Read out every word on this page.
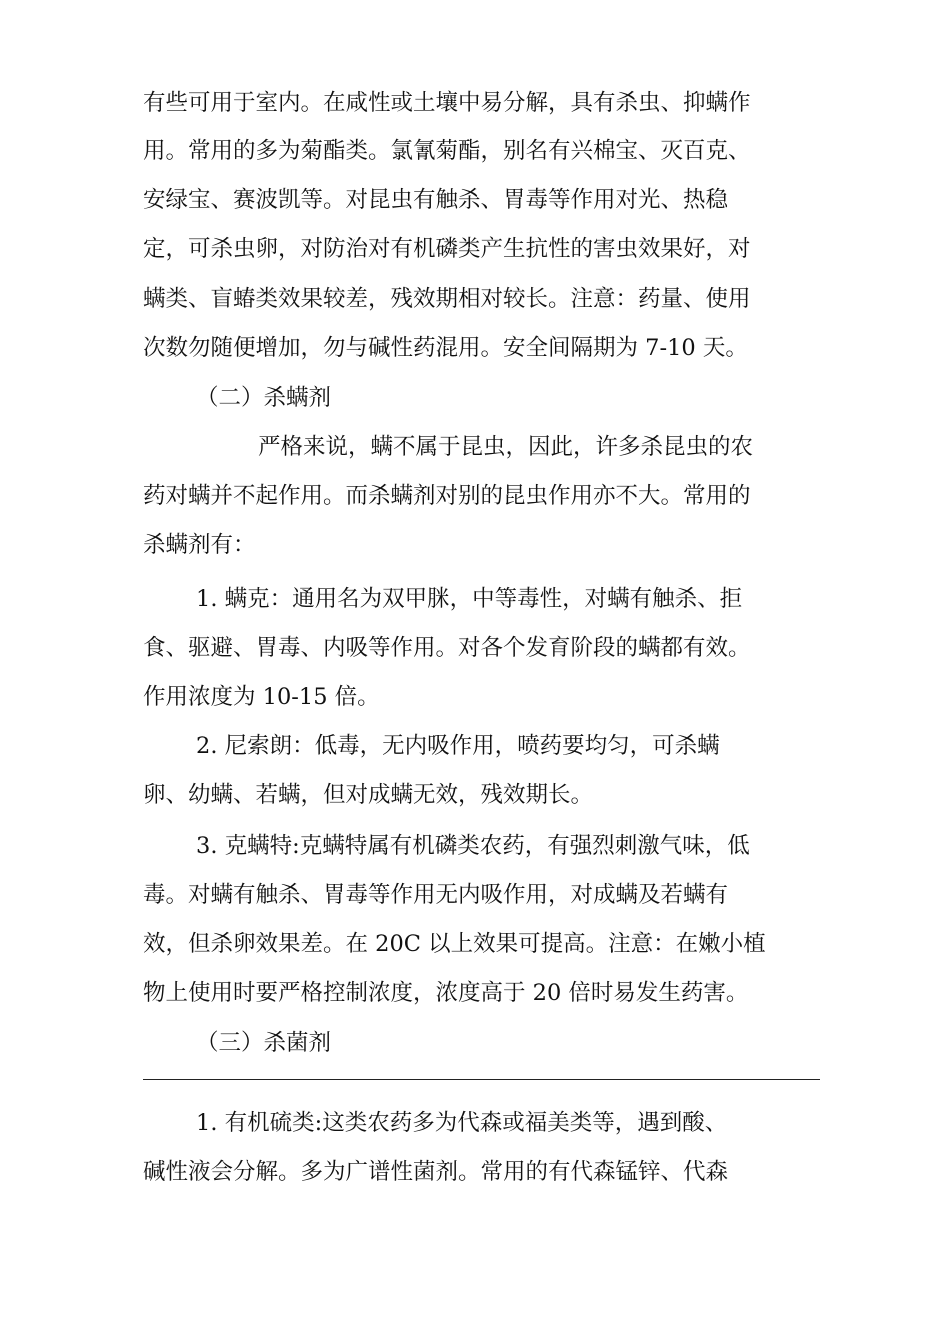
有些可用于室内。在咸性或土壤中易分解，具有杀虫、抑螨作
用。常用的多为菊酯类。氯氰菊酯，别名有兴棉宝、灭百克、
安绿宝、赛波凯等。对昆虫有触杀、胃毒等作用对光、热稳
定，可杀虫卵，对防治对有机磷类产生抗性的害虫效果好，对
螨类、盲蝽类效果较差，残效期相对较长。注意：药量、使用
次数勿随便增加，勿与碱性药混用。安全间隔期为 7-10 天。
（二）杀螨剂
严格来说，螨不属于昆虫，因此，许多杀昆虫的农
药对螨并不起作用。而杀螨剂对别的昆虫作用亦不大。常用的
杀螨剂有：
1. 螨克：通用名为双甲脒，中等毒性，对螨有触杀、拒
食、驱避、胃毒、内吸等作用。对各个发育阶段的螨都有效。
作用浓度为 10-15 倍。
2. 尼索朗：低毒，无内吸作用，喷药要均匀，可杀螨
卵、幼螨、若螨，但对成螨无效，残效期长。
3. 克螨特:克螨特属有机磷类农药，有强烈刺激气味，低
毒。对螨有触杀、胃毒等作用无内吸作用，对成螨及若螨有
效，但杀卵效果差。在 20C 以上效果可提高。注意：在嫩小植
物上使用时要严格控制浓度，浓度高于 20 倍时易发生药害。
（三）杀菌剂
1. 有机硫类:这类农药多为代森或福美类等，遇到酸、
碱性液会分解。多为广谱性菌剂。常用的有代森锰锌、代森
